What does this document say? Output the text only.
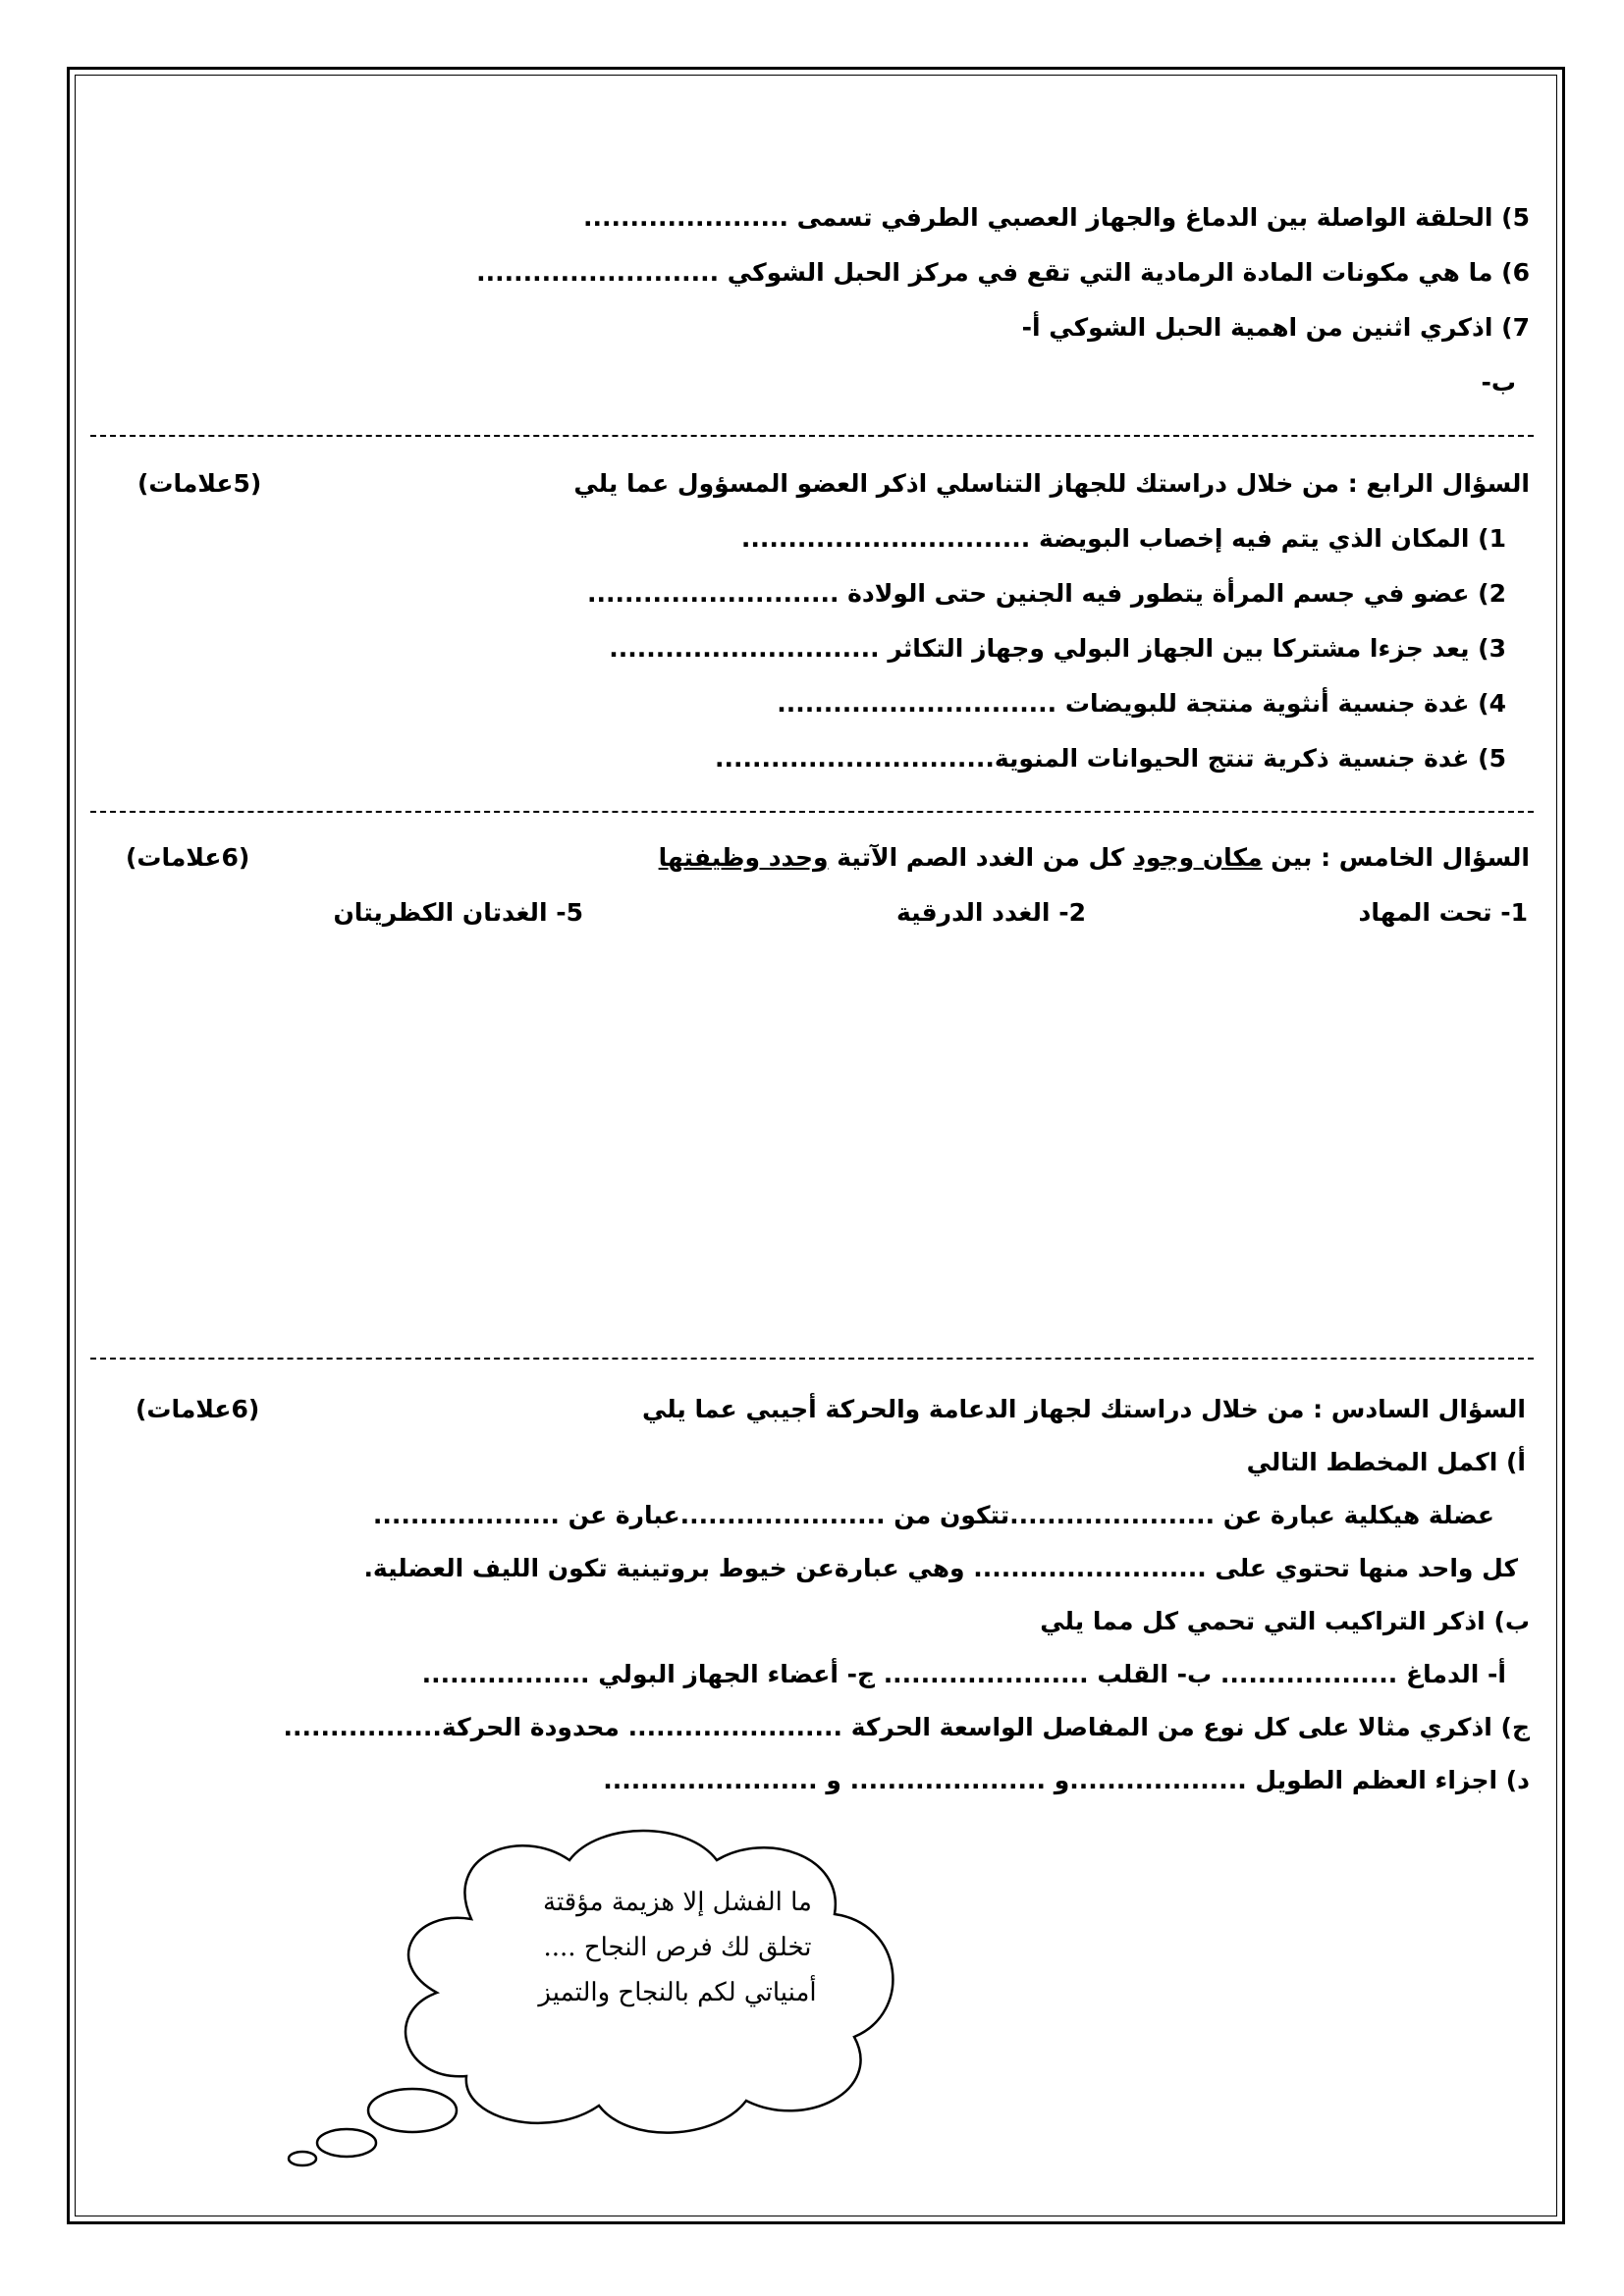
5) الحلقة الواصلة بين الدماغ والجهاز العصبي الطرفي تسمى ......................
6) ما هي مكونات المادة الرمادية التي تقع في مركز الحبل الشوكي ..........................
7) اذكري اثنين من اهمية الحبل الشوكي أ-
ب-
السؤال الرابع : من خلال دراستك للجهاز التناسلي اذكر العضو المسؤول عما يلي
(5علامات)
1) المكان الذي يتم فيه إخصاب البويضة ...............................
2) عضو في جسم المرأة يتطور فيه الجنين حتى الولادة ...........................
3) يعد جزءا مشتركا بين الجهاز البولي وجهاز التكاثر .............................
4) غدة جنسية أنثوية منتجة للبويضات ..............................
5) غدة جنسية ذكرية تنتج الحيوانات المنوية..............................
السؤال الخامس : بين مكان وجود كل من الغدد الصم الآتية وحدد وظيفتها
(6علامات)
1- تحت المهاد
2- الغدد الدرقية
5- الغدتان الكظريتان
السؤال السادس : من خلال دراستك لجهاز الدعامة والحركة أجيبي عما يلي
(6علامات)
أ) اكمل المخطط التالي
عضلة هيكلية عبارة عن ......................تتكون من ......................عبارة عن ....................
كل واحد منها تحتوي على ......................... وهي عبارةعن خيوط بروتينية تكون الليف العضلية.
ب) اذكر التراكيب التي تحمي كل مما يلي
أ- الدماغ ................... ب- القلب ...................... ج- أعضاء الجهاز البولي ..................
ج) اذكري مثالا على كل نوع من المفاصل الواسعة الحركة ....................... محدودة الحركة.................
د) اجزاء العظم الطويل ...................و ..................... و .......................
ما الفشل إلا هزيمة مؤقتة
تخلق لك فرص النجاح ....
أمنياتي لكم بالنجاح والتميز
